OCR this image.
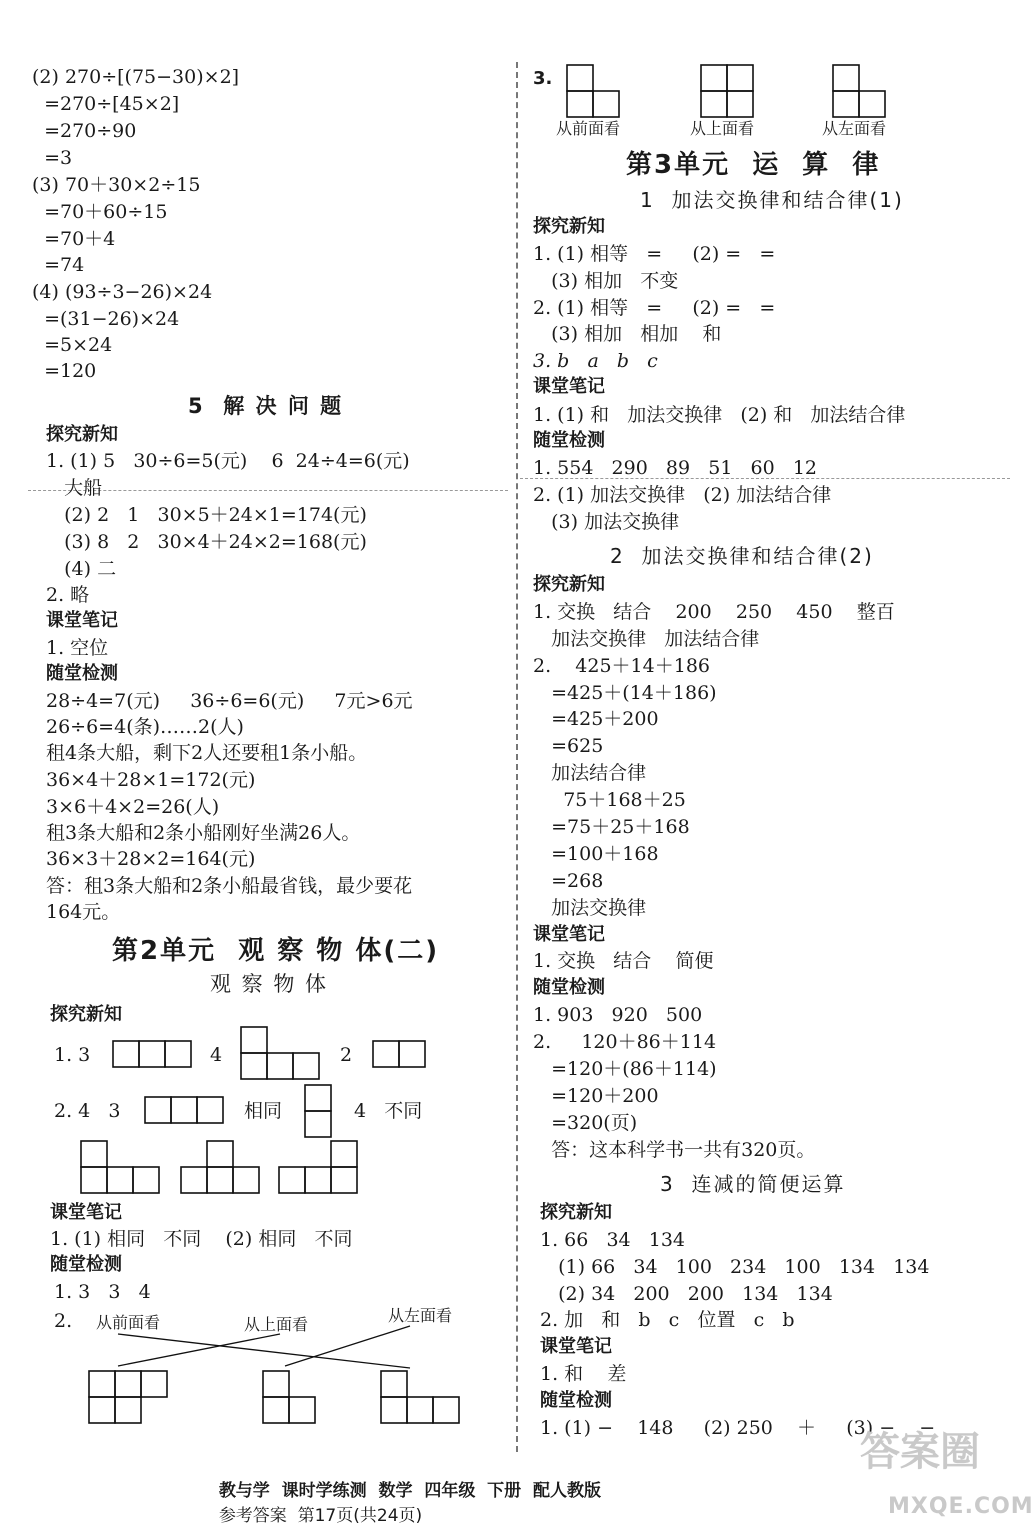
(2) 270÷[(75−30)×2]
=270÷[45×2]
=270÷90
=3
(3) 70＋30×2÷15
=70＋60÷15
=70＋4
=74
(4) (93÷3−26)×24
=(31−26)×24
=5×24
=120
5  解 决 问 题
探究新知
1. (1) 5   30÷6=5(元)    6  24÷4=6(元)
大船
(2) 2   1   30×5＋24×1=174(元)
(3) 8   2   30×4＋24×2=168(元)
(4) 二
2. 略
课堂笔记
1. 空位
随堂检测
28÷4=7(元)     36÷6=6(元)     7元>6元
26÷6=4(条)……2(人)
租4条大船，剩下2人还要租1条小船。
36×4＋28×1=172(元)
3×6＋4×2=26(人)
租3条大船和2条小船刚好坐满26人。
36×3＋28×2=164(元)
答：租3条大船和2条小船最省钱，最少要花
164元。
第2单元  观 察 物 体(二)
观 察 物 体
探究新知
1. 3	4	2
2. 4   3	相同	4   不同
课堂笔记
1. (1) 相同   不同    (2) 相同   不同
随堂检测
1. 3   3   4
2. 从前面看	从上面看	从左面看
3.
从前面看	从上面看	从左面看
第3单元  运  算  律
1  加法交换律和结合律(1)
探究新知
1. (1) 相等   =     (2) =   =
(3) 相加   不变
2. (1) 相等   =     (2) =   =
(3) 相加   相加    和
3. b   a   b   c
课堂笔记
1. (1) 和   加法交换律   (2) 和   加法结合律
随堂检测
1. 554   290   89   51   60   12
2. (1) 加法交换律   (2) 加法结合律
(3) 加法交换律
2  加法交换律和结合律(2)
探究新知
1. 交换   结合    200    250    450    整百
加法交换律   加法结合律
2.    425＋14＋186
=425＋(14＋186)
=425＋200
=625
加法结合律
75＋168＋25
=75＋25＋168
=100＋168
=268
加法交换律
课堂笔记
1. 交换   结合    简便
随堂检测
1. 903   920   500
2.     120＋86＋114
=120＋(86＋114)
=120＋200
=320(页)
答：这本科学书一共有320页。
3  连减的简便运算
探究新知
1. 66   34   134
(1) 66   34   100   234   100   134   134
(2) 34   200   200   134   134
2. 加   和   b   c   位置   c   b
课堂笔记
1. 和    差
随堂检测
1. (1) −    148     (2) 250    ＋     (3) −    −

教与学  课时学练测  数学  四年级  下册  配人教版
参考答案  第17页(共24页)

答案圈
MXQE.COM
